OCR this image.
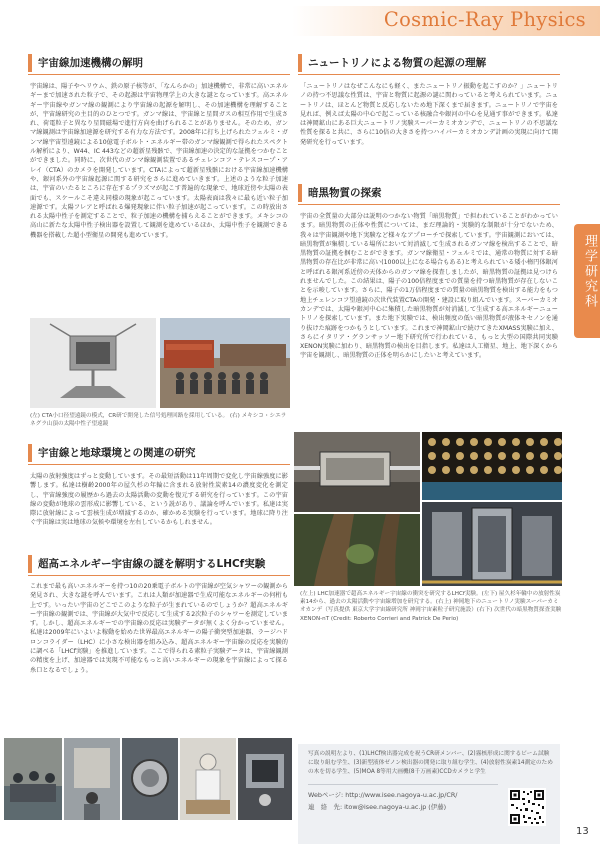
Cosmic-Ray Physics
理学研究科
宇宙線加速機構の解明
宇宙線は、陽子やヘリウム、鉄の原子核等が、「なんらかの」加速機構で、非常に高いエネルギーまで加速された粒子で、その起源は宇宙物理学上の大きな謎となっています。高エネルギー宇宙線やガンマ線の観測により宇宙線の起源を解明し、その加速機構を理解することが、宇宙線研究の主目的のひとつです。ガンマ線は、宇宙線と星間ガスの相互作用で生成され、荷電粒子と異なり星間磁場で進行方向を曲げられることがありません。そのため、ガンマ線観測は宇宙線加速源を研究する有力な方法です。2008年に打ち上げられたフェルミ・ガンマ線宇宙望遠鏡による10億電子ボルト・エネルギー帯のガンマ線観測で得られたスペクトル解析により、W44、IC 443などの超新星残骸で、宇宙線加速の決定的な証拠をつかむことができました。同時に、次世代のガンマ線観測装置であるチェレンコフ・テレスコープ・アレイ（CTA）のカメラを開発しています。CTAによって超新星残骸における宇宙線加速機構や、銀河系外の宇宙線起源に関する研究をさらに進めていきます。上述のような粒子加速は、宇宙のいたるところに存在するプラズマが起こす普遍的な現象で、地球近傍や太陽の表面でも、スケールこそ違え同様の現象が起こっています。太陽表面は我々に最も近い粒子加速源です。太陽フレアと呼ばれる爆発現象に伴い粒子加速が起こっています。この時放出される太陽中性子を測定することで、粒子加速の機構を捕らえることができます。メキシコの高山に新たな太陽中性子検出器を設置して観測を進めているほか、太陽中性子を観測できる機器を搭載した超小型衛星の開発も進めています。
(左) CTA小口径望遠鏡の模式，CR研で開発した信号処理回路を採用している。 (右) メキシコ・シエラネグラ山頂の太陽中性子望遠鏡
宇宙線と地球環境との関連の研究
太陽の放射強度はずっと変動しています。その最短活動は11年周期で変化し宇宙線強度に影響します。私達は樹齢2000年の屋久杉の年輪に含まれる放射性炭素14の濃度変化を測定し、宇宙線強度の履歴から過去の太陽活動の変動を復元する研究を行っています。この宇宙線の変動が地球の雲形成に影響している、という説があり、議論を呼んでいます。私達は実際に放射線によって雲核生成が増減するのか、確かめる実験を行っています。地球に降り注ぐ宇宙線は実は地球の気候や環境を左右しているかもしれません。
超高エネルギー宇宙線の謎を解明するLHCf実験
これまで最も高いエネルギーを持つ10の20乗電子ボルトの宇宙線が空気シャワーの観測から発見され、大きな謎を呼んでいます。これは人類が加速器で生成可能なエネルギーの何桁も上です。いったい宇宙のどこでこのような粒子が生まれているのでしょうか？超高エネルギー宇宙線の観測では、宇宙線が大気中で反応して生成する2次粒子のシャワーを測定しています。しかし、超高エネルギーでの宇宙線の反応は実験データが無くよく分かっていません。私達は2009年にいよいよ稼動を始めた世界最高エネルギーの陽子衝突型加速器、ラージハドロンコライダー（LHC）に小さな検出器を組み込み、超高エネルギー宇宙線の反応を実験的に調べる「LHCf実験」を推進しています。ここで得られる素粒子実験データは、宇宙線観測の精度を上げ、加速器では実現不可能なもっと高いエネルギーの現象を宇宙線によって探る糸口となるでしょう。
ニュートリノによる物質の起源の理解
「ニュートリノはなぜこんなにも軽く、またニュートリノ振動を起こすのか？」ニュートリノの持つ不思議な性質は、宇宙と物質に起源の謎に関わっていると考えられています。ニュートリノは、ほとんど物質と反応しないため地下深くまで届きます。ニュートリノで宇宙を見れば、例えば太陽の中心で起こっている核融合や銀河の中心を見通す事ができます。私達は神岡鉱山にある巨大ニュートリノ実験スーパーカミオカンデで、ニュートリノの不思議な性質を探ると共に、さらに10倍の大きさを持つハイパーカミオカンデ計画の実現に向けて開発研究を行っています。
暗黒物質の探索
宇宙の全質量の大部分は説明のつかない物質「暗黒物質」で担われていることがわかっています。暗黒物質の正体や性質については、まだ理論的・実験的な制限が十分でないため、我々は宇宙観測や地下実験など様々なアプローチで探索しています。宇宙観測においては、暗黒物質が集積している場所において対消滅して生成されるガンマ線を検出することで、暗黒物質の証拠を掴むことができます。ガンマ線衛星・フェルミでは、通常の物質に対する暗黒物質の存在比が非常に高い(1000以上になる場合もある)と考えられている矮小楕円体銀河と呼ばれる銀河系近傍の天体からのガンマ線を探査しましたが、暗黒物質の証拠は見つけられませんでした。この結果は、陽子の100倍程度までの質量を持つ暗黒物質が存在しないことを示唆しています。さらに、陽子の1万倍程度までの質量の暗黒物質を検出する能力をもつ地上チェレンコフ望遠鏡の次世代装置CTAの開発・建設に取り組んでいます。スーパーカミオカンデでは、太陽や銀河中心に集積した暗黒物質が対消滅して生成する高エネルギーニュートリノを探索しています。また地下実験では、検出頻度の低い暗黒物質が液体キセノンを通り抜けた痕跡をつかもうとしています。これまで神岡鉱山で続けてきたXMASS実験に加え、さらにイタリア・グランサッソー地下研究所で行われている、もっと大型の国際共同実験XENON実験に加わり、暗黒物質の検出を目指します。私達は人工衛星、地上、地下深くから宇宙を観測し、暗黒物質の正体を明らかにしたいと考えています。
(左上) LHC加速器で超高エネルギー宇宙線の衝突を研究するLHCf実験。(左下) 屋久杉年輪中の放射性炭素14から、過去の太陽活動や宇宙線増加を研究する。(右上) 神岡地下のニュートリノ実験スーパーカミオカンデ（写真提供 東京大学宇宙線研究所 神岡宇宙素粒子研究施設）(右下) 次世代の暗黒物質探査実験XENON-nT (Credit: Roberto Corrieri and Patrick De Perio)
写真の説明左より、(1)LHCf検出器完成を祝うCR研メンバー、(2)霧核形成に関するビーム試験に取り組む学生、(3)新型液体ゼノン検出器の開発に取り組む学生、(4)放射性炭素14測定のための木を切る学生、(5)MOA 8等用大画機(8千万画素)CCDカメラと学生
Webページ: http://www.isee.nagoya-u.ac.jp/CR/
連　絡　先: itow@isee.nagoya-u.ac.jp (伊藤)
13
